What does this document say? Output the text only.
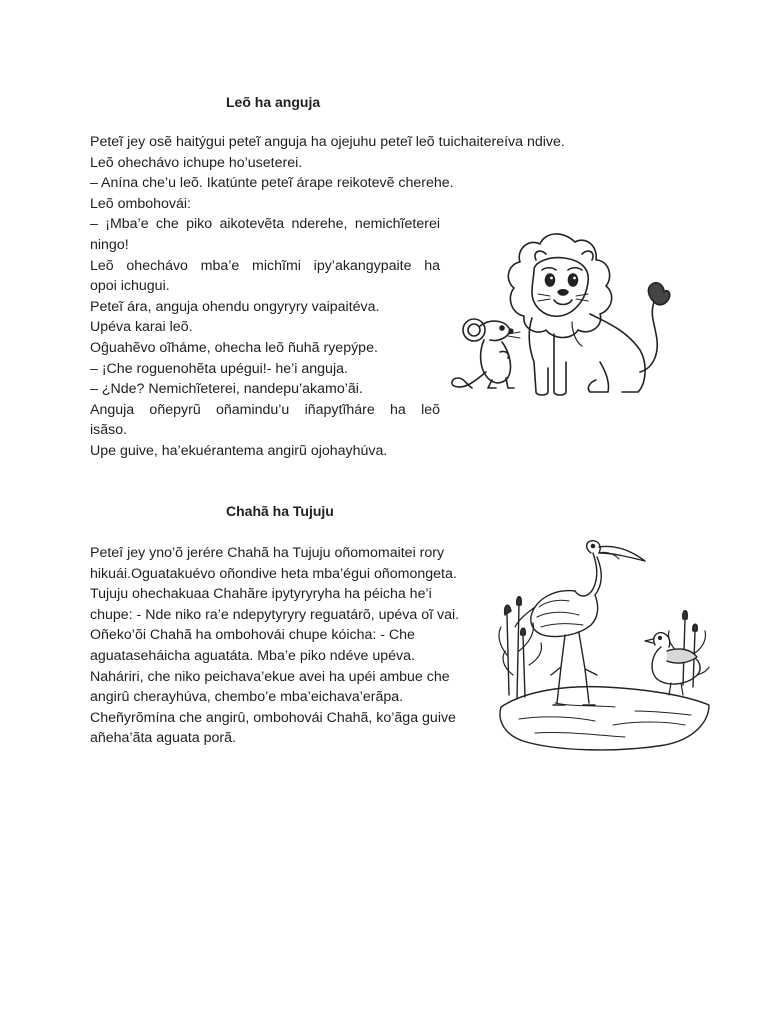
Leõ ha anguja

Peteĩ jey osẽ haitýgui peteĩ anguja ha ojejuhu peteĩ leõ tuichaitereíva ndive.

Leõ ohechávo ichupe ho’useterei.

– Anína che’u leõ. Ikatúnte peteĩ árape reikotevẽ cherehe.

Leõ ombohovái:

– ¡Mba’e che piko aikotevẽta nderehe, nemichĩeterei

ningo!

Leõ ohechávo mba’e michĩmi ipy’akangypaite ha

opoi ichugui.

Peteĩ ára, anguja ohendu ongyryry vaipaitéva.

Upéva karai leõ.

Oĝuahẽvo oĩháme, ohecha leõ ñuhã ryepýpe.

– ¡Che roguenohẽta upégui!- he’i anguja.

– ¿Nde? Nemichĩeterei, nandepu’akamo’ãi.

Anguja oñepyrũ oñamindu’u iñapytĩháre ha leõ

isãso.

Upe guive, ha’ekuérantema angirũ ojohayhúva.

Chahã ha Tujuju

Peteî jey yno’õ jerére Chahã ha Tujuju oñomomaitei rory

hikuái.Oguatakuévo oñondive heta mba’égui oñomongeta.

Tujuju ohechakuaa Chahãre ipytyryryha ha péicha he’i

chupe: - Nde niko ra’e ndepytyryry reguatárõ, upéva oĩ vai.

Oñeko’õi Chahã ha ombohovái chupe kóicha: - Che

aguataseháicha aguatáta. Mba’e piko ndéve upéva.

Naháriri, che niko peichava’ekue avei ha upéi ambue che

angirû cherayhúva, chembo’e mba’eichava’erãpa.

Cheñyrõmína che angirû, ombohovái Chahã, ko’ãga guive

añeha’ãta aguata porã.
